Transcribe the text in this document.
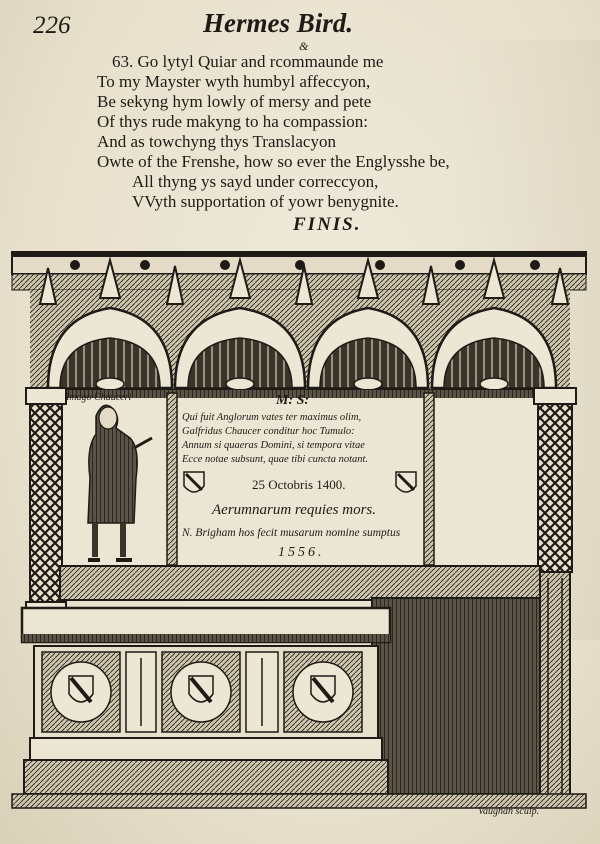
226	Hermes Bird.
63. Go lytyl Quiar and rcommaunde me
To my Mayster wyth humbyl affeccyon,
Be sekyng hym lowly of mersy and pete
Of thys rude makyng to ha compassion:
And as towchyng thys Translacyon
Owte of the Frenshe, how so ever the Englysshe be,
All thyng ys sayd under correccyon,
VVyth supportation of yowr benygnite.
&
FINIS.
Imago Chauceri	M: S:
Qui fuit Anglorum vates ter maximus olim,
Galfridus Chaucer conditur hoc Tumulo:
Annum si quaeras Domini, si tempora vitae
Ecce notae subsunt, quae tibi cuncta notant.
25 Octobris 1400.
Aerumnarum requies mors.
N. Brigham hos fecit musarum nomine sumptus
1556.
Vaughan sculp.
